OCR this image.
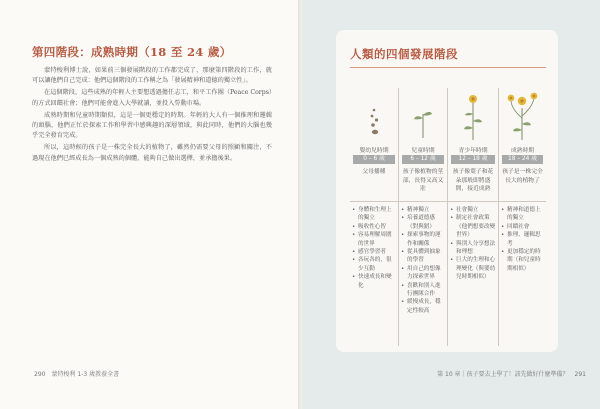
第四階段：成熟時期（18 至 24 歲）

蒙特梭利博士說，如果前三個發展階段的工作都完成了，那麼第四階段的工作，就可以讓他們自己完成：他們這個階段的工作稱之為「發展精神和道德的獨立性」。

在這個階段，這些成熟的年輕人主要想透過擔任志工，和平工作團（Peace Corps）的方式回饋社會；他們可能會進入大學就讀，並投入勞動市場。

成熟時期和兒童時期類似，這是一個更穩定的時期。年輕的大人有一個推理和邏輯的頭腦，他們正忙於探索工作和學習中感興趣的深層領域，與此同時，他們的大腦也幾乎完全發育完成。

所以，這時候的孩子是一株完全長大的植物了，雖然仍需要父母的照顧和關注，不過現在他們已經成長為一個成熟的個體，能夠自己做出選擇，並承擔後果。

290　蒙特梭利 1-3 歲教養全書	第 10 章｜孩子要去上學了！該先做好什麼準備？　291
人類的四個發展階段
嬰幼兒時期
0 – 6 歲
父母播種
• 身體和生理上的獨立
• 吸收性心智
• 容易理解周圍的世界
• 感官學習者
• 各玩各的，很少互動
• 快速成長和變化
兒童時期
6 – 12 歲
孩子像植物的莖部，長得又高又壯
• 精神獨立
• 培養道德感（對與錯）
• 探索事物的運作和關係
• 從具體到抽象的學習
• 用自己的想像力探索世界
• 喜歡和別人進行團隊合作
• 緩慢成長，穩定性較高
青少年時期
12 – 18 歲
孩子像葉子和花朵那般即將盛開，接近成熟
• 社會獨立
• 制定社會政策（他們想要改變世界）
• 與別人分享想法和理想
• 巨大的生理和心理變化（與嬰幼兒時期相似）
成熟時期
18 – 24 歲
孩子是一株完全長大的植物了
• 精神和道德上的獨立
• 回饋社會
• 推理、邏輯思考
• 更加穩定的時期（和兒童時期相似）
